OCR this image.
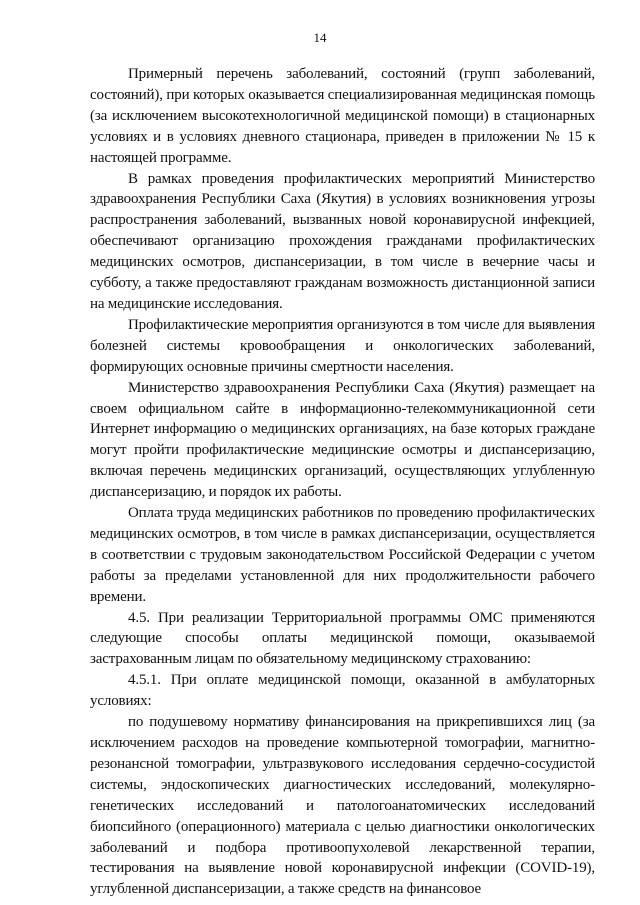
14

Примерный перечень заболеваний, состояний (групп заболеваний, состояний), при которых оказывается специализированная медицинская помощь (за исключением высокотехнологичной медицинской помощи) в стационарных условиях и в условиях дневного стационара, приведен в приложении № 15 к настоящей программе.

В рамках проведения профилактических мероприятий Министерство здравоохранения Республики Саха (Якутия) в условиях возникновения угрозы распространения заболеваний, вызванных новой коронавирусной инфекцией, обеспечивают организацию прохождения гражданами профилактических медицинских осмотров, диспансеризации, в том числе в вечерние часы и субботу, а также предоставляют гражданам возможность дистанционной записи на медицинские исследования.

Профилактические мероприятия организуются в том числе для выявления болезней системы кровообращения и онкологических заболеваний, формирующих основные причины смертности населения.

Министерство здравоохранения Республики Саха (Якутия) размещает на своем официальном сайте в информационно-телекоммуникационной сети Интернет информацию о медицинских организациях, на базе которых граждане могут пройти профилактические медицинские осмотры и диспансеризацию, включая перечень медицинских организаций, осуществляющих углубленную диспансеризацию, и порядок их работы.

Оплата труда медицинских работников по проведению профилактических медицинских осмотров, в том числе в рамках диспансеризации, осуществляется в соответствии с трудовым законодательством Российской Федерации с учетом работы за пределами установленной для них продолжительности рабочего времени.

4.5. При реализации Территориальной программы ОМС применяются следующие способы оплаты медицинской помощи, оказываемой застрахованным лицам по обязательному медицинскому страхованию:

4.5.1. При оплате медицинской помощи, оказанной в амбулаторных условиях:

по подушевому нормативу финансирования на прикрепившихся лиц (за исключением расходов на проведение компьютерной томографии, магнитно-резонансной томографии, ультразвукового исследования сердечно-сосудистой системы, эндоскопических диагностических исследований, молекулярно-генетических исследований и патологоанатомических исследований биопсийного (операционного) материала с целью диагностики онкологических заболеваний и подбора противоопухолевой лекарственной терапии, тестирования на выявление новой коронавирусной инфекции (COVID-19), углубленной диспансеризации, а также средств на финансовое
